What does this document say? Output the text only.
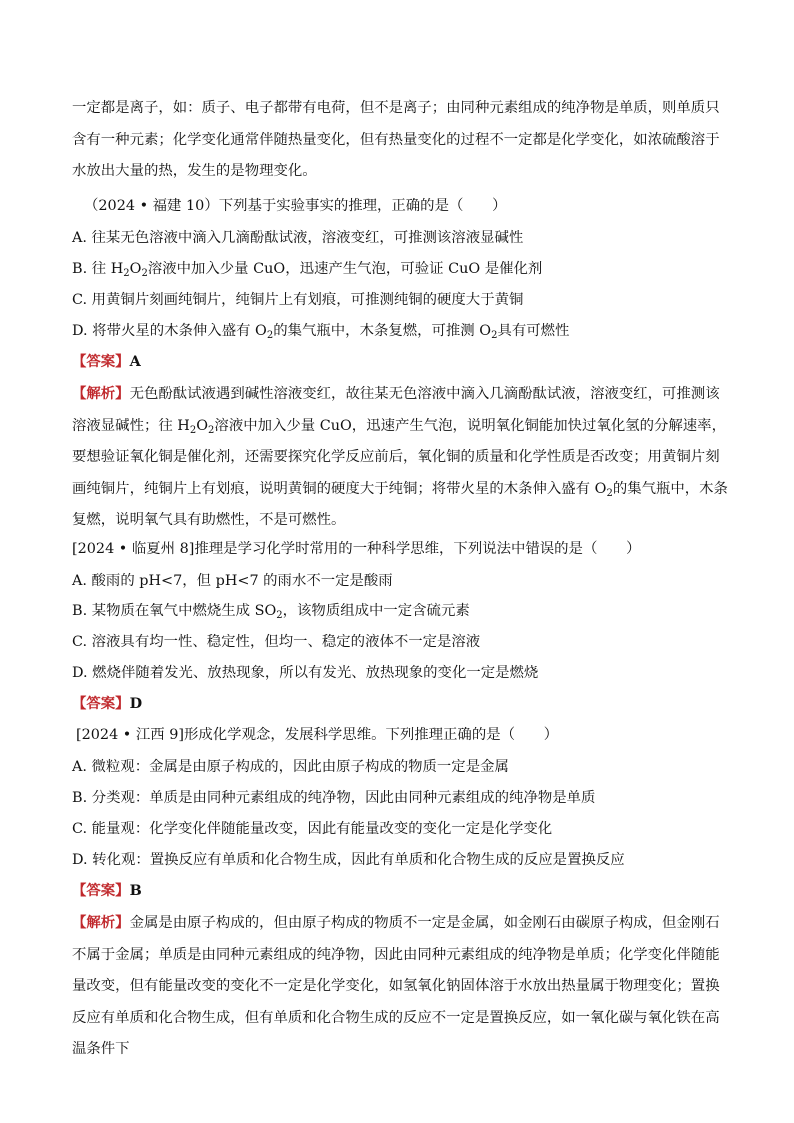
一定都是离子，如：质子、电子都带有电荷，但不是离子；由同种元素组成的纯净物是单质，则单质只含有一种元素；化学变化通常伴随热量变化，但有热量变化的过程不一定都是化学变化，如浓硫酸溶于水放出大量的热，发生的是物理变化。

（2024 • 福建 10）下列基于实验事实的推理，正确的是（　　）

A. 往某无色溶液中滴入几滴酚酞试液，溶液变红，可推测该溶液显碱性

B. 往 $H_2O_2$溶液中加入少量 CuO，迅速产生气泡，可验证 CuO 是催化剂

C. 用黄铜片刻画纯铜片，纯铜片上有划痕，可推测纯铜的硬度大于黄铜

D. 将带火星的木条伸入盛有 $O_2$的集气瓶中，木条复燃，可推测 $O_2$具有可燃性

【答案】A

【解析】无色酚酞试液遇到碱性溶液变红，故往某无色溶液中滴入几滴酚酞试液，溶液变红，可推测该溶液显碱性；往 $H_2O_2$溶液中加入少量 CuO，迅速产生气泡，说明氧化铜能加快过氧化氢的分解速率，要想验证氧化铜是催化剂，还需要探究化学反应前后，氧化铜的质量和化学性质是否改变；用黄铜片刻画纯铜片，纯铜片上有划痕，说明黄铜的硬度大于纯铜；将带火星的木条伸入盛有 $O_2$的集气瓶中，木条复燃，说明氧气具有助燃性，不是可燃性。

[2024 • 临夏州 8]推理是学习化学时常用的一种科学思维，下列说法中错误的是（　　）

A. 酸雨的 pH<7，但 pH<7 的雨水不一定是酸雨

B. 某物质在氧气中燃烧生成 $SO_2$，该物质组成中一定含硫元素

C. 溶液具有均一性、稳定性，但均一、稳定的液体不一定是溶液

D. 燃烧伴随着发光、放热现象，所以有发光、放热现象的变化一定是燃烧

【答案】D

[2024 • 江西 9]形成化学观念，发展科学思维。下列推理正确的是（　　）

A. 微粒观：金属是由原子构成的，因此由原子构成的物质一定是金属

B. 分类观：单质是由同种元素组成的纯净物，因此由同种元素组成的纯净物是单质

C. 能量观：化学变化伴随能量改变，因此有能量改变的变化一定是化学变化

D. 转化观：置换反应有单质和化合物生成，因此有单质和化合物生成的反应是置换反应

【答案】B

【解析】金属是由原子构成的，但由原子构成的物质不一定是金属，如金刚石由碳原子构成，但金刚石不属于金属；单质是由同种元素组成的纯净物，因此由同种元素组成的纯净物是单质；化学变化伴随能量改变，但有能量改变的变化不一定是化学变化，如氢氧化钠固体溶于水放出热量属于物理变化；置换反应有单质和化合物生成，但有单质和化合物生成的反应不一定是置换反应，如一氧化碳与氧化铁在高温条件下
